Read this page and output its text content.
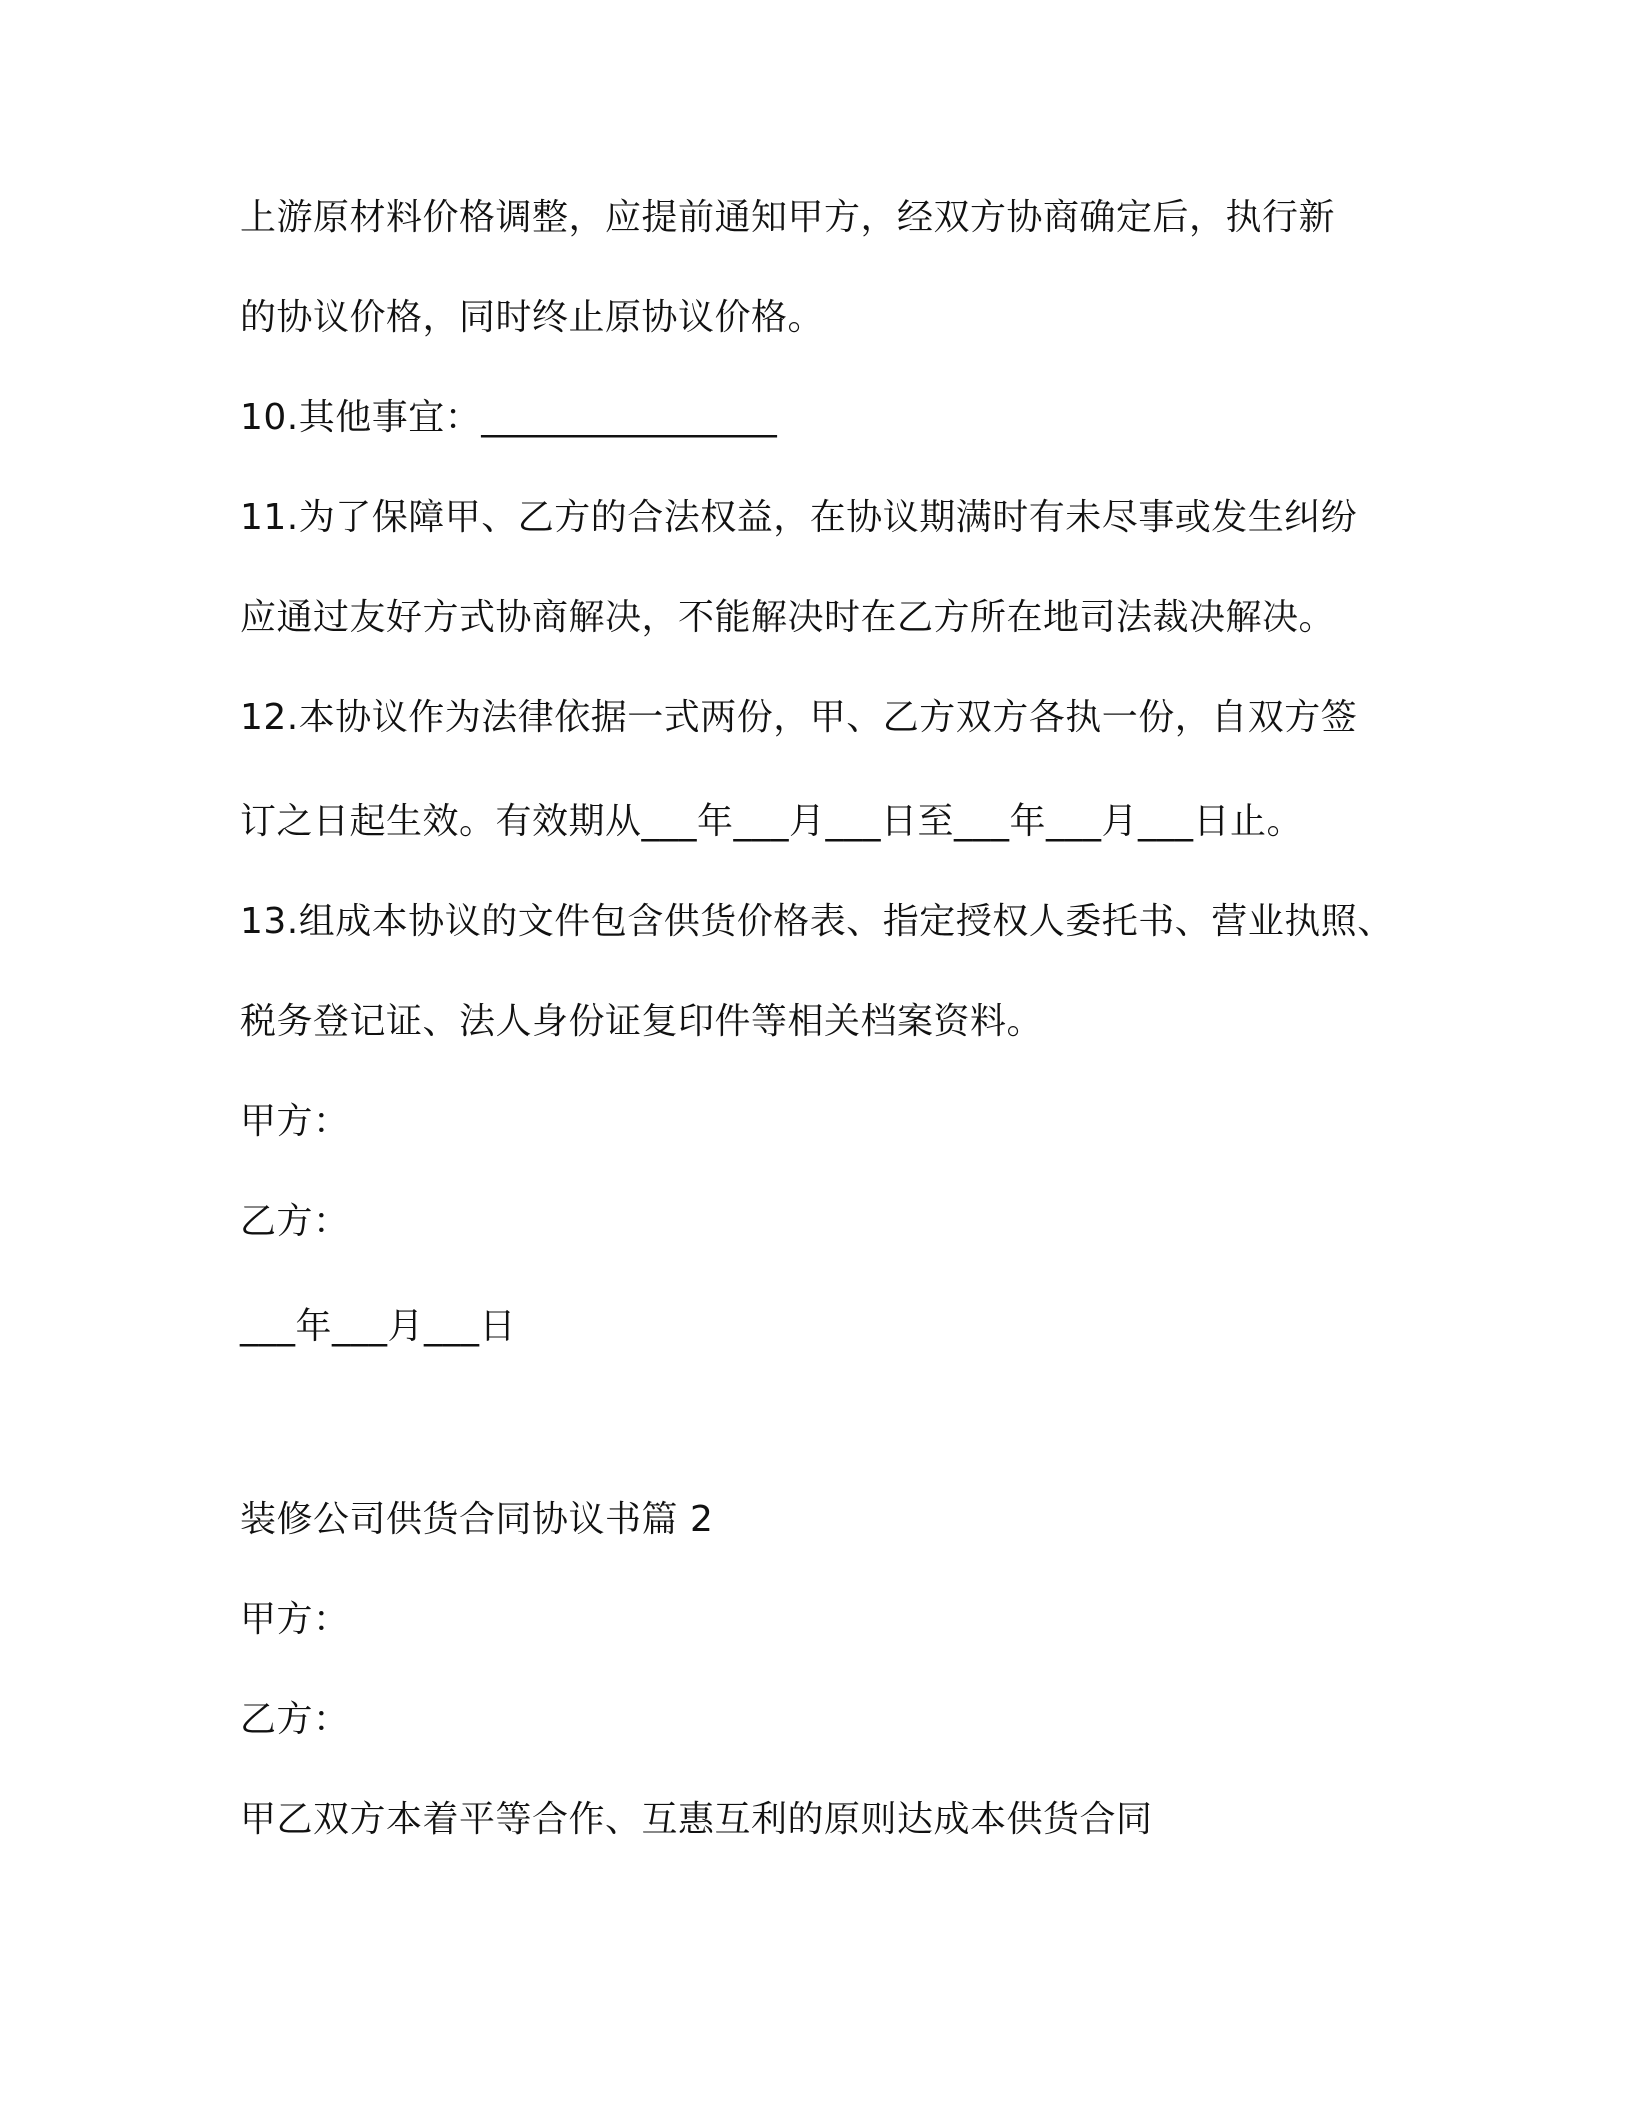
上游原材料价格调整，应提前通知甲方，经双方协商确定后，执行新
的协议价格，同时终止原协议价格。
10.其他事宜：________________
11.为了保障甲、乙方的合法权益，在协议期满时有未尽事或发生纠纷
应通过友好方式协商解决，不能解决时在乙方所在地司法裁决解决。
12.本协议作为法律依据一式两份，甲、乙方双方各执一份，自双方签
订之日起生效。有效期从___年___月___日至___年___月___日止。
13.组成本协议的文件包含供货价格表、指定授权人委托书、营业执照、
税务登记证、法人身份证复印件等相关档案资料。
甲方：
乙方：
___年___月___日
装修公司供货合同协议书篇 2
甲方：
乙方：
甲乙双方本着平等合作、互惠互利的原则达成本供货合同
